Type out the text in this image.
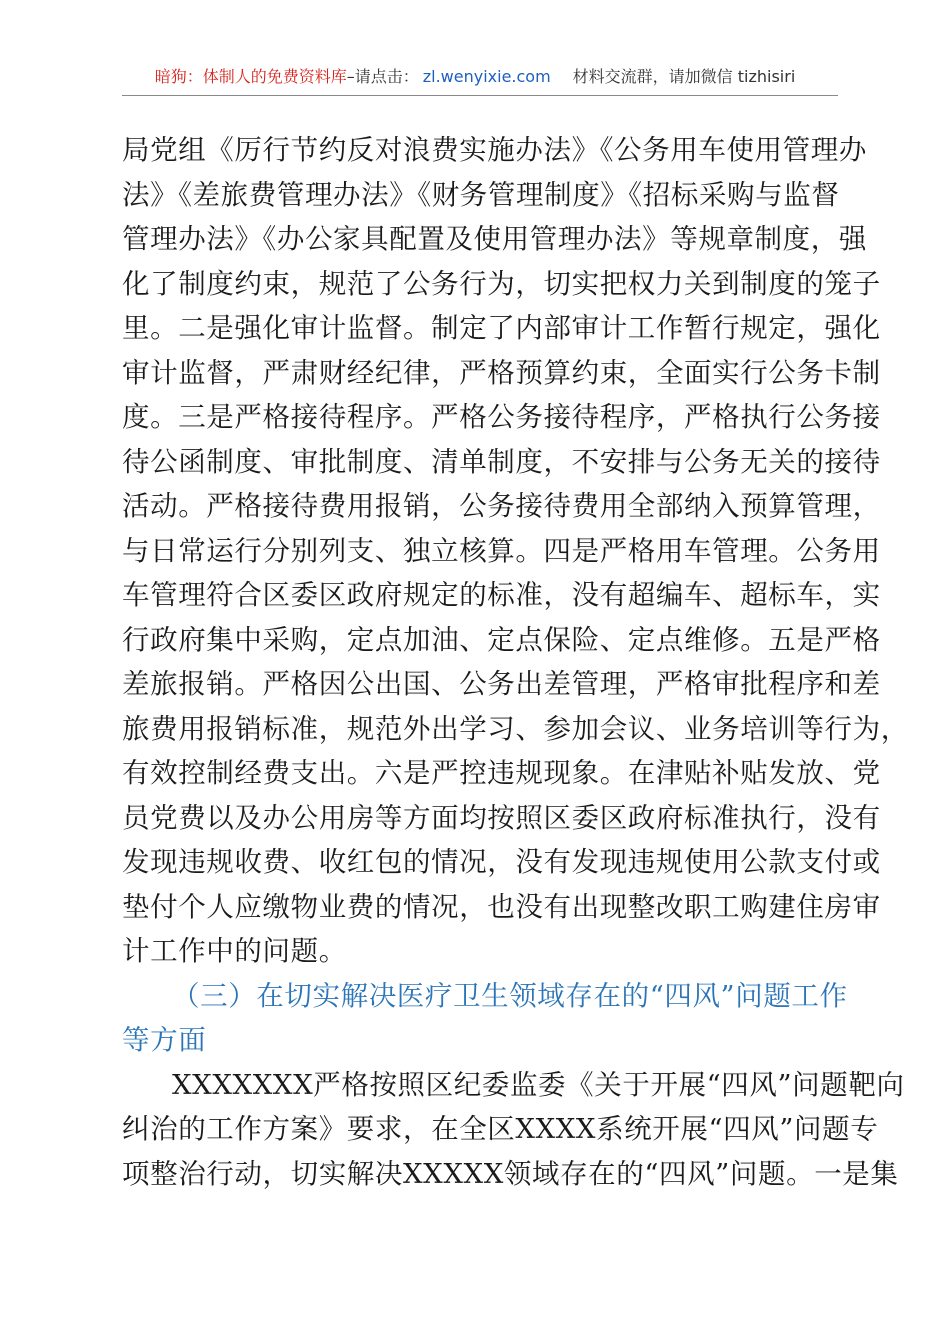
暗狗：体制人的免费资料库–请点击： zl.wenyixie.com 材料交流群，请加微信 tizhisiri
局党组《厉行节约反对浪费实施办法》《公务用车使用管理办
法》《差旅费管理办法》《财务管理制度》《招标采购与监督
管理办法》《办公家具配置及使用管理办法》等规章制度，强
化了制度约束，规范了公务行为，切实把权力关到制度的笼子
里。二是强化审计监督。制定了内部审计工作暂行规定，强化
审计监督，严肃财经纪律，严格预算约束，全面实行公务卡制
度。三是严格接待程序。严格公务接待程序，严格执行公务接
待公函制度、审批制度、清单制度，不安排与公务无关的接待
活动。严格接待费用报销，公务接待费用全部纳入预算管理，
与日常运行分别列支、独立核算。四是严格用车管理。公务用
车管理符合区委区政府规定的标准，没有超编车、超标车，实
行政府集中采购，定点加油、定点保险、定点维修。五是严格
差旅报销。严格因公出国、公务出差管理，严格审批程序和差
旅费用报销标准，规范外出学习、参加会议、业务培训等行为，
有效控制经费支出。六是严控违规现象。在津贴补贴发放、党
员党费以及办公用房等方面均按照区委区政府标准执行，没有
发现违规收费、收红包的情况，没有发现违规使用公款支付或
垫付个人应缴物业费的情况，也没有出现整改职工购建住房审
计工作中的问题。
（三）在切实解决医疗卫生领域存在的“四风”问题工作
等方面
XXXXXXX严格按照区纪委监委《关于开展“四风”问题靶向
纠治的工作方案》要求，在全区XXXX系统开展“四风”问题专
项整治行动，切实解决XXXXX领域存在的“四风”问题。一是集
